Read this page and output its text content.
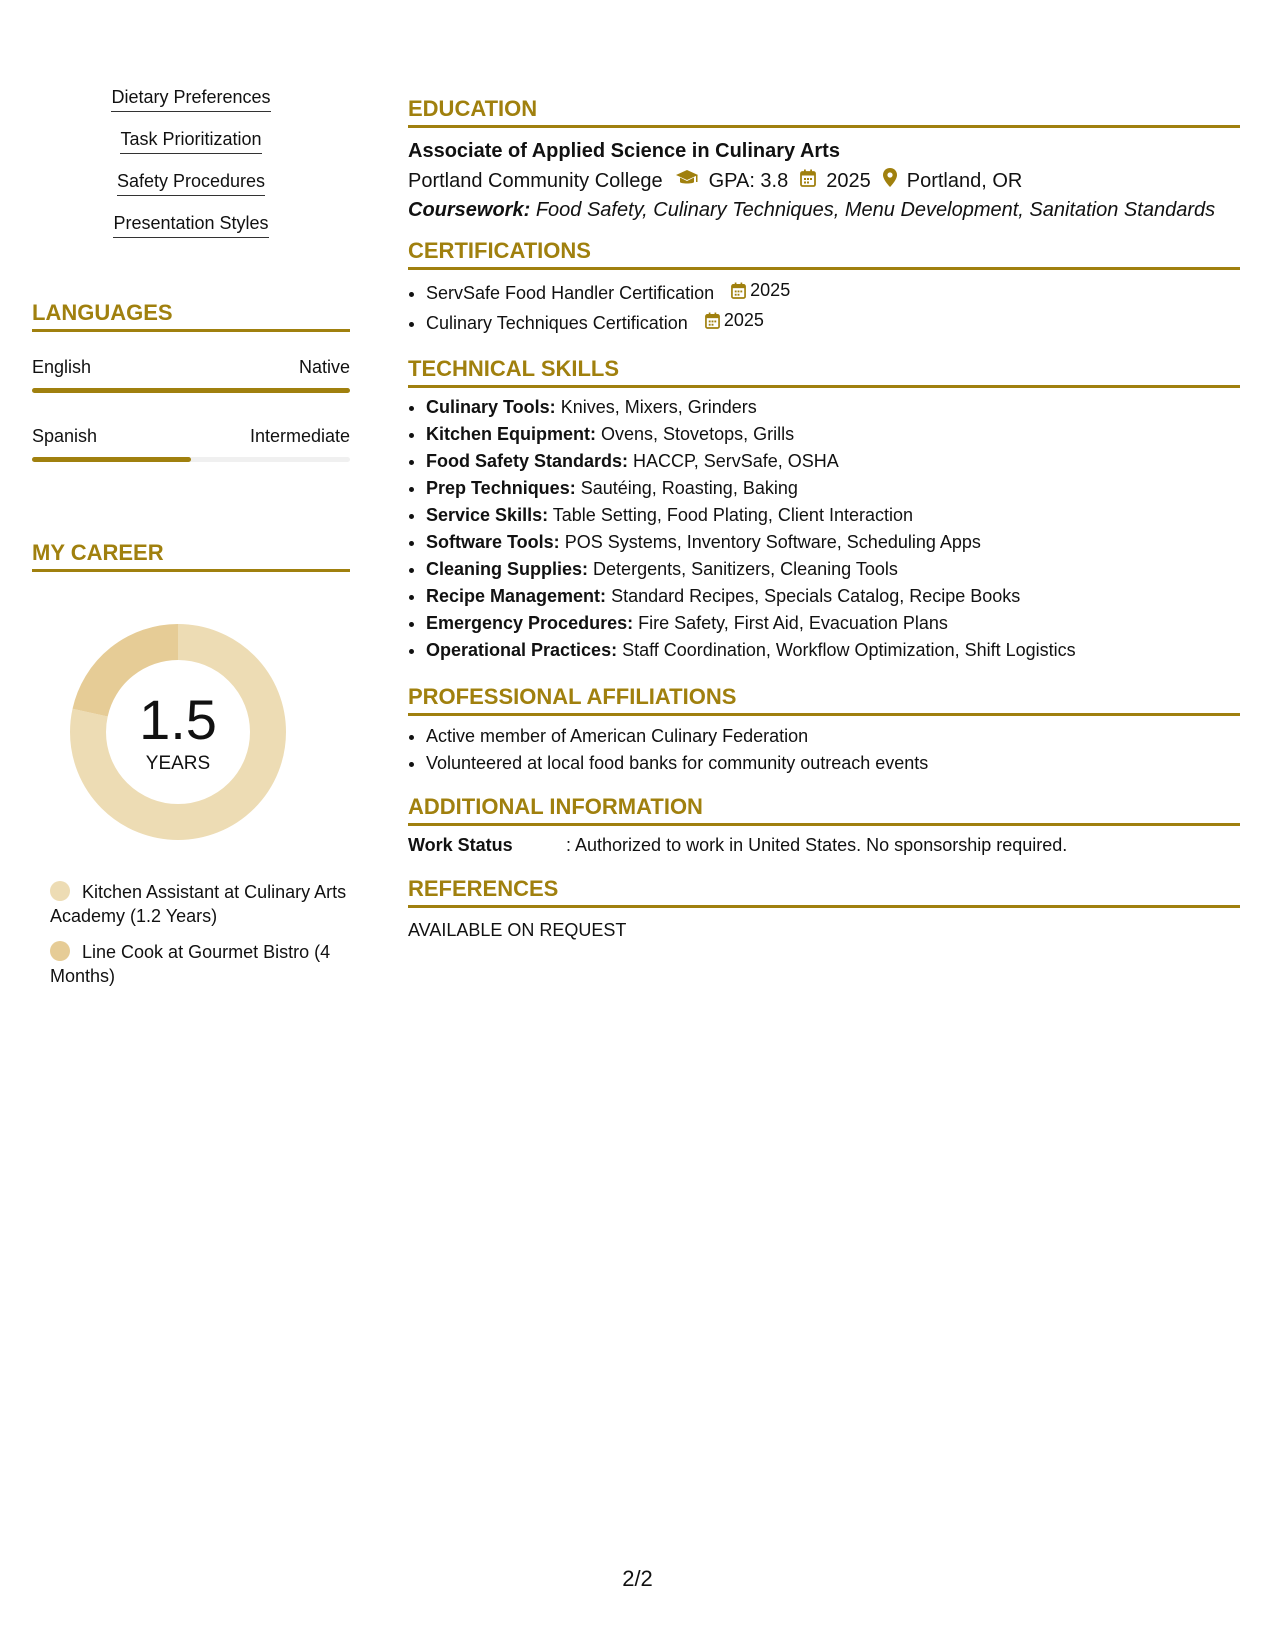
Dietary Preferences
Task Prioritization
Safety Procedures
Presentation Styles
LANGUAGES
English	Native
Spanish	Intermediate
MY CAREER
1.5
YEARS
Kitchen Assistant at Culinary Arts Academy (1.2 Years)
Line Cook at Gourmet Bistro (4 Months)
EDUCATION
Associate of Applied Science in Culinary Arts
Portland Community College GPA: 3.8 2025 Portland, OR
Coursework: Food Safety, Culinary Techniques, Menu Development, Sanitation Standards
CERTIFICATIONS
• ServSafe Food Handler Certification 2025
• Culinary Techniques Certification 2025
TECHNICAL SKILLS
• Culinary Tools: Knives, Mixers, Grinders
• Kitchen Equipment: Ovens, Stovetops, Grills
• Food Safety Standards: HACCP, ServSafe, OSHA
• Prep Techniques: Sautéing, Roasting, Baking
• Service Skills: Table Setting, Food Plating, Client Interaction
• Software Tools: POS Systems, Inventory Software, Scheduling Apps
• Cleaning Supplies: Detergents, Sanitizers, Cleaning Tools
• Recipe Management: Standard Recipes, Specials Catalog, Recipe Books
• Emergency Procedures: Fire Safety, First Aid, Evacuation Plans
• Operational Practices: Staff Coordination, Workflow Optimization, Shift Logistics
PROFESSIONAL AFFILIATIONS
• Active member of American Culinary Federation
• Volunteered at local food banks for community outreach events
ADDITIONAL INFORMATION
Work Status	: Authorized to work in United States. No sponsorship required.
REFERENCES
AVAILABLE ON REQUEST
2/2
